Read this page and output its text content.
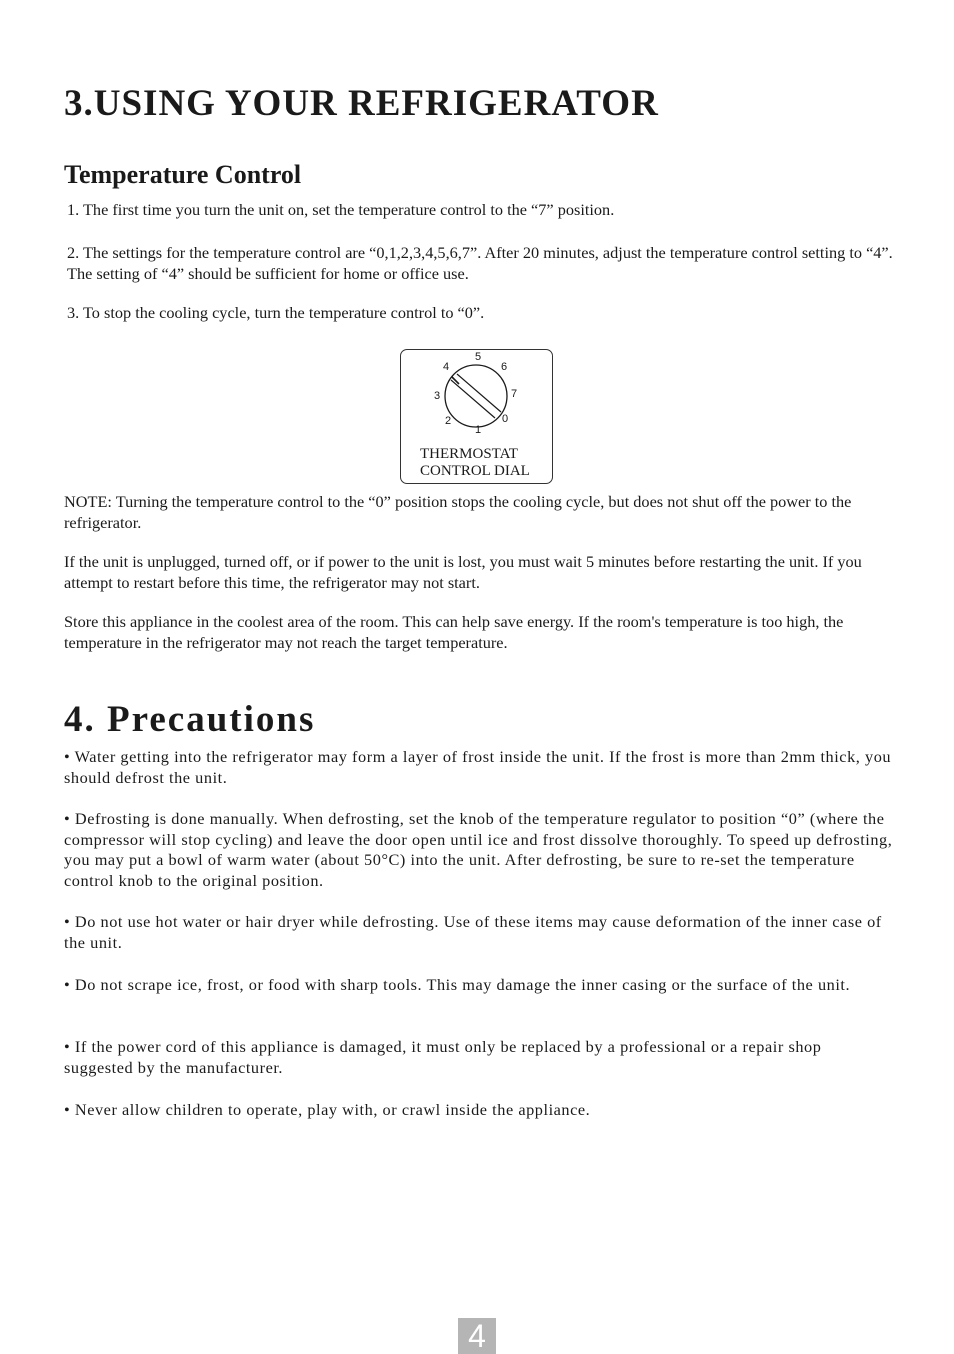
3.USING YOUR REFRIGERATOR
Temperature Control

1. The first time you turn the unit on, set the temperature control to the “7” position.

2. The settings for the temperature control are “0,1,2,3,4,5,6,7”. After 20 minutes, adjust the temperature control setting to “4”. The setting of “4” should be sufficient for home or office use.

3. To stop the cooling cycle, turn the temperature control to “0”.

0
1
2
3
4
5
6
7

THERMOSTAT
CONTROL DIAL

NOTE: Turning the temperature control to the “0” position stops the cooling cycle, but does not shut off the power to the refrigerator.

If the unit is unplugged, turned off, or if power to the unit is lost, you must wait 5 minutes before restarting the unit. If you attempt to restart before this time, the refrigerator may not start.

Store this appliance in the coolest area of the room. This can help save energy. If the room's temperature is too high, the temperature in the refrigerator may not reach the target temperature.

4. Precautions

• Water getting into the refrigerator may form a layer of frost inside the unit. If the frost is more than 2mm thick, you should defrost the unit.

• Defrosting is done manually. When defrosting, set the knob of the temperature regulator to position “0” (where the compressor will stop cycling) and leave the door open until ice and frost dissolve thoroughly. To speed up defrosting, you may put a bowl of warm water (about 50°C) into the unit. After defrosting, be sure to re-set the temperature control knob to the original position.

• Do not use hot water or hair dryer while defrosting. Use of these items may cause deformation of the inner case of the unit.

• Do not scrape ice, frost, or food with sharp tools. This may damage the inner casing or the surface of the unit.

• If the power cord of this appliance is damaged, it must only be replaced by a professional or a repair shop suggested by the manufacturer.

• Never allow children to operate, play with, or crawl inside the appliance.

4
